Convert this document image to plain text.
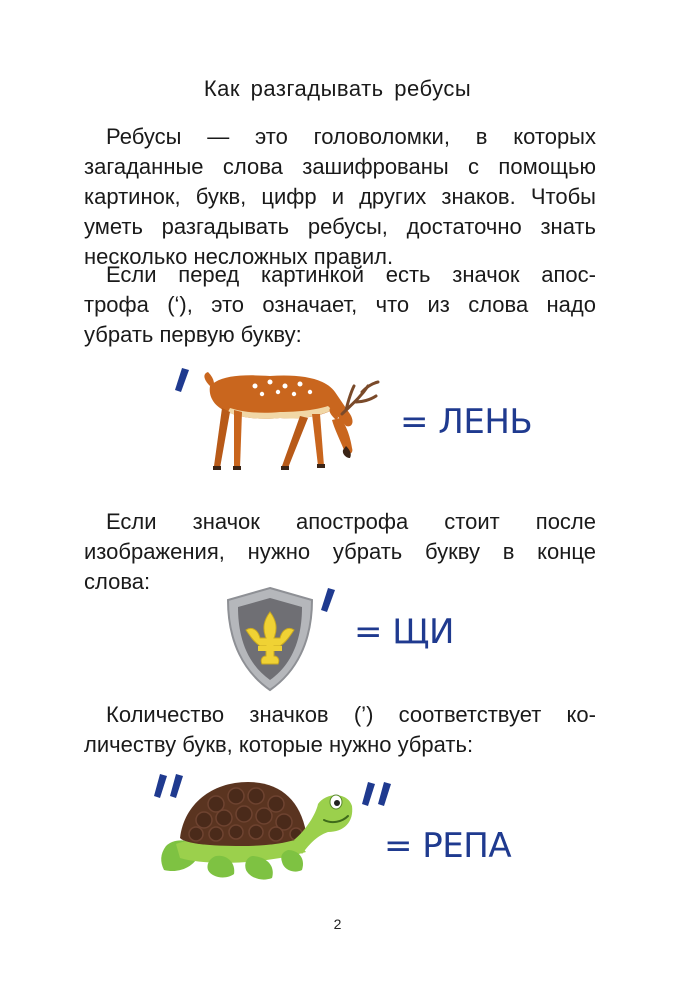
Как разгадывать ребусы
Ребусы — это головоломки, в которых
загаданные слова зашифрованы с помощью
картинок, букв, цифр и других знаков. Чтобы
уметь разгадывать ребусы, достаточно знать
несколько несложных правил.
Если перед картинкой есть значок апос-
трофа (‘), это означает, что из слова надо
убрать первую букву:
= ЛЕНЬ
Если значок апострофа стоит после
изображения, нужно убрать букву в конце
слова:
= ЩИ
Количество значков (’) соответствует ко-
личеству букв, которые нужно убрать:
= РЕПА
2
